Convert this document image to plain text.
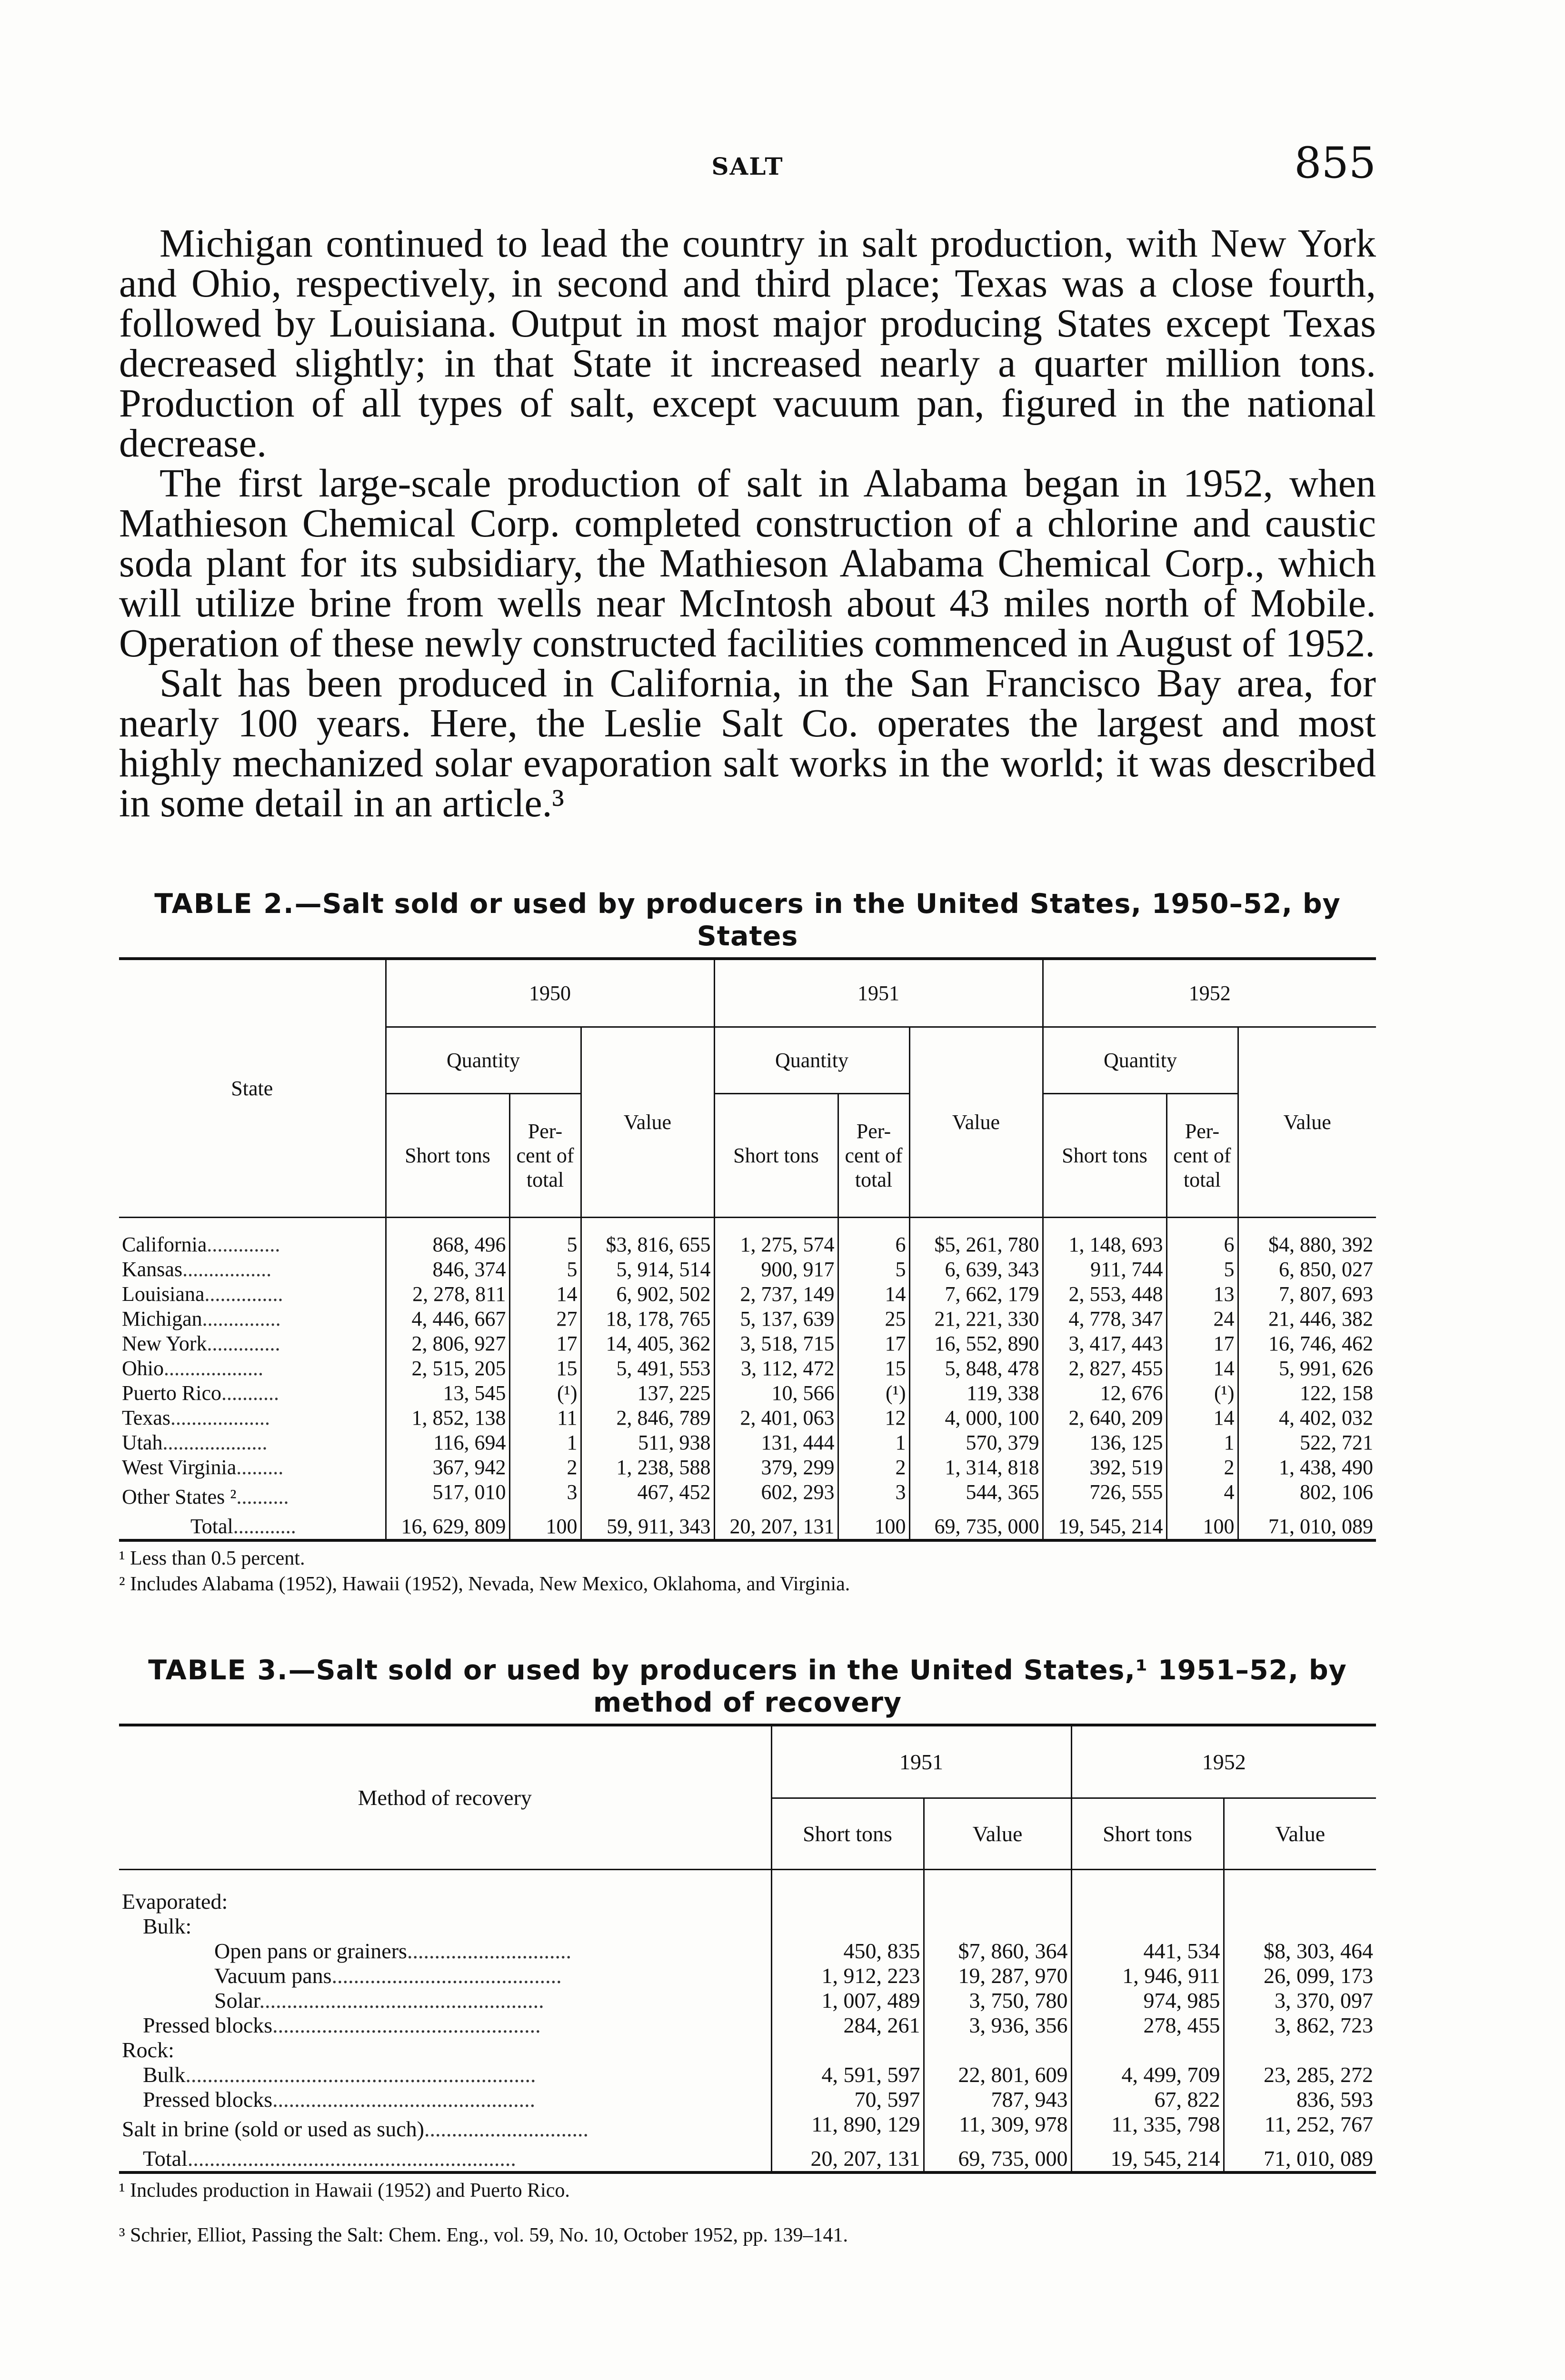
SALT	855

Michigan continued to lead the country in salt production, with New York and Ohio, respectively, in second and third place; Texas was a close fourth, followed by Louisiana. Output in most major producing States except Texas decreased slightly; in that State it increased nearly a quarter million tons. Production of all types of salt, except vacuum pan, figured in the national decrease.

The first large-scale production of salt in Alabama began in 1952, when Mathieson Chemical Corp. completed construction of a chlorine and caustic soda plant for its subsidiary, the Mathieson Alabama Chemical Corp., which will utilize brine from wells near McIntosh about 43 miles north of Mobile. Operation of these newly constructed facilities commenced in August of 1952.

Salt has been produced in California, in the San Francisco Bay area, for nearly 100 years. Here, the Leslie Salt Co. operates the largest and most highly mechanized solar evaporation salt works in the world; it was described in some detail in an article.³

TABLE 2.—Salt sold or used by producers in the United States, 1950–52, by States
State	1950			1951			1952		
	Quantity		Value	Quantity		Value	Quantity		Value
	Short tons	Per- cent of total		Short tons	Per- cent of total		Short tons	Per- cent of total	
California..............	868, 496	5	$3, 816, 655	1, 275, 574	6	$5, 261, 780	1, 148, 693	6	$4, 880, 392
Kansas.................	846, 374	5	5, 914, 514	900, 917	5	6, 639, 343	911, 744	5	6, 850, 027
Louisiana...............	2, 278, 811	14	6, 902, 502	2, 737, 149	14	7, 662, 179	2, 553, 448	13	7, 807, 693
Michigan...............	4, 446, 667	27	18, 178, 765	5, 137, 639	25	21, 221, 330	4, 778, 347	24	21, 446, 382
New York..............	2, 806, 927	17	14, 405, 362	3, 518, 715	17	16, 552, 890	3, 417, 443	17	16, 746, 462
Ohio...................	2, 515, 205	15	5, 491, 553	3, 112, 472	15	5, 848, 478	2, 827, 455	14	5, 991, 626
Puerto Rico...........	13, 545	(¹)	137, 225	10, 566	(¹)	119, 338	12, 676	(¹)	122, 158
Texas...................	1, 852, 138	11	2, 846, 789	2, 401, 063	12	4, 000, 100	2, 640, 209	14	4, 402, 032
Utah....................	116, 694	1	511, 938	131, 444	1	570, 379	136, 125	1	522, 721
West Virginia.........	367, 942	2	1, 238, 588	379, 299	2	1, 314, 818	392, 519	2	1, 438, 490
Other States ²..........	517, 010	3	467, 452	602, 293	3	544, 365	726, 555	4	802, 106
Total............	16, 629, 809	100	59, 911, 343	20, 207, 131	100	69, 735, 000	19, 545, 214	100	71, 010, 089

¹ Less than 0.5 percent.
² Includes Alabama (1952), Hawaii (1952), Nevada, New Mexico, Oklahoma, and Virginia.
TABLE 3.—Salt sold or used by producers in the United States,¹ 1951–52, by
method of recovery
Method of recovery	1951		1952	
	Short tons	Value	Short tons	Value
Evaporated:				
Bulk:				
Open pans or grainers..............................	450, 835	$7, 860, 364	441, 534	$8, 303, 464
Vacuum pans..........................................	1, 912, 223	19, 287, 970	1, 946, 911	26, 099, 173
Solar....................................................	1, 007, 489	3, 750, 780	974, 985	3, 370, 097
Pressed blocks.................................................	284, 261	3, 936, 356	278, 455	3, 862, 723
Rock:				
Bulk................................................................	4, 591, 597	22, 801, 609	4, 499, 709	23, 285, 272
Pressed blocks................................................	70, 597	787, 943	67, 822	836, 593
Salt in brine (sold or used as such)..............................	11, 890, 129	11, 309, 978	11, 335, 798	11, 252, 767
Total............................................................	20, 207, 131	69, 735, 000	19, 545, 214	71, 010, 089

¹ Includes production in Hawaii (1952) and Puerto Rico.
³ Schrier, Elliot, Passing the Salt: Chem. Eng., vol. 59, No. 10, October 1952, pp. 139–141.
